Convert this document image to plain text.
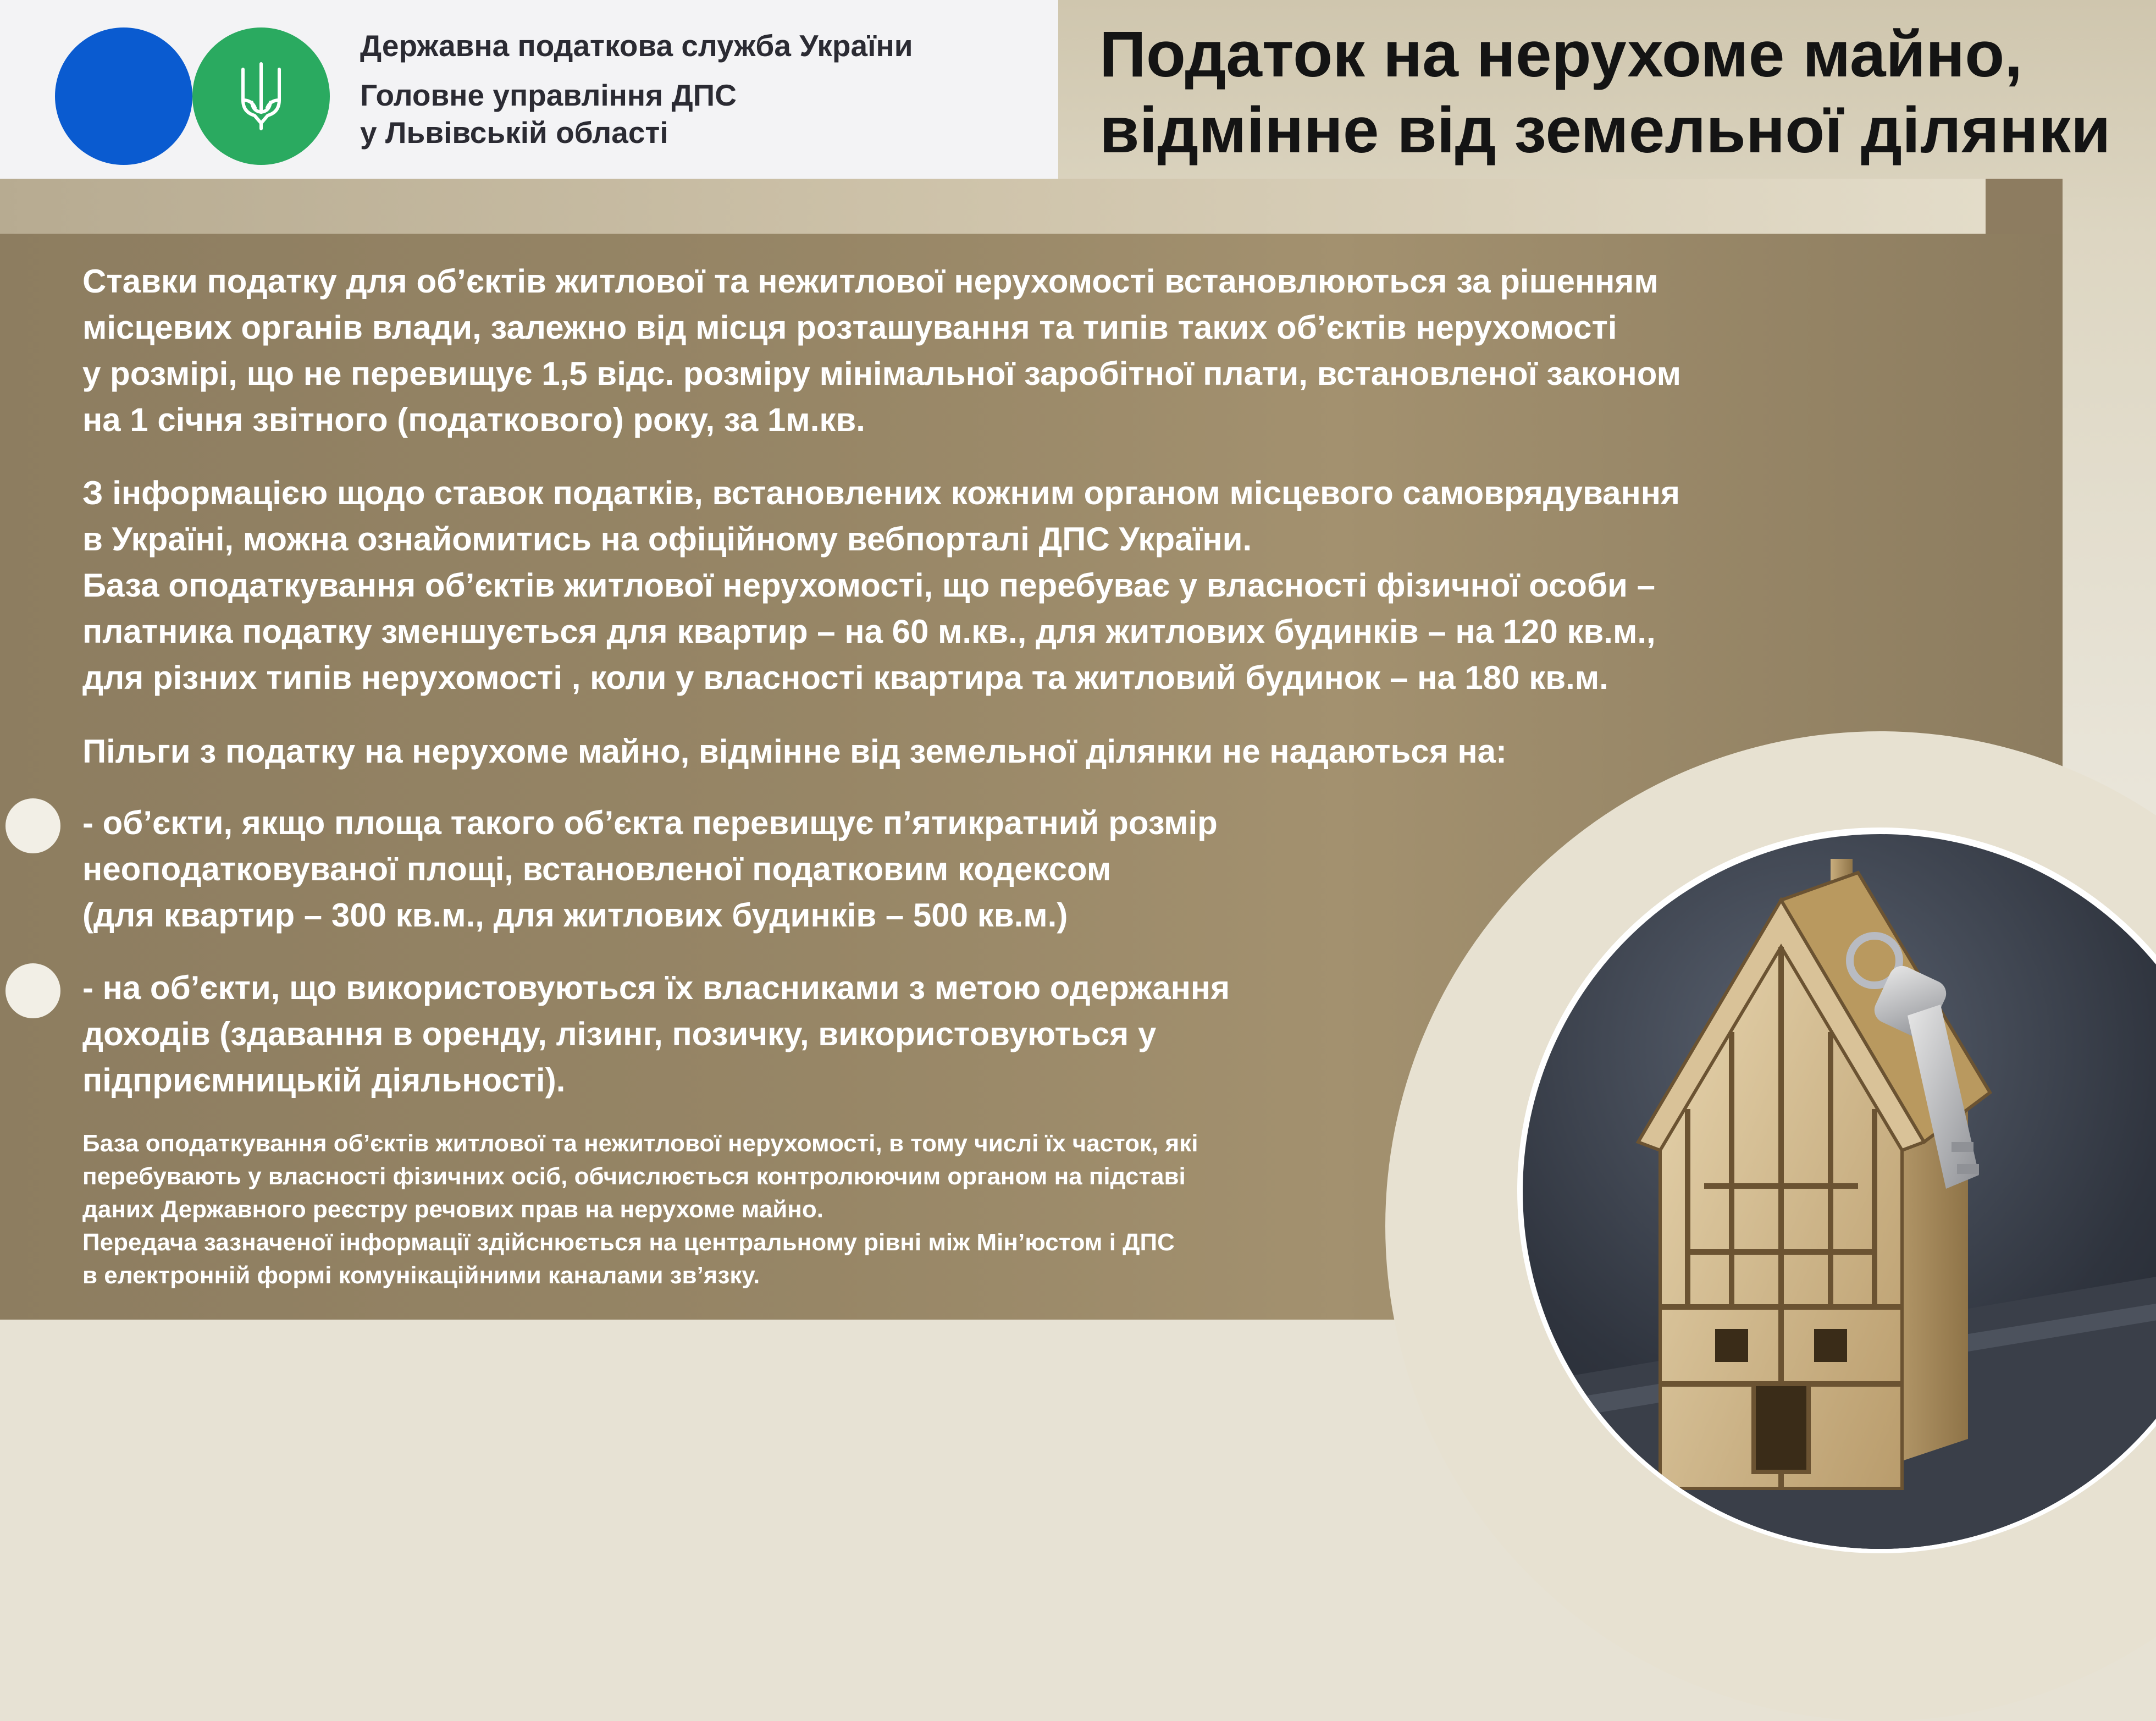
Державна податкова служба України
Головне управління ДПС
у Львівській області
Податок на нерухоме майно,
відмінне від земельної ділянки
Ставки податку для об’єктів житлової та нежитлової нерухомості встановлюються за рішенням
місцевих органів влади, залежно від місця розташування та типів таких об’єктів нерухомості
у розмірі, що не перевищує 1,5 відс. розміру мінімальної заробітної плати, встановленої законом
на 1 січня звітного (податкового) року, за 1м.кв.
З інформацією щодо ставок податків, встановлених кожним органом місцевого самоврядування
в Україні, можна ознайомитись на офіційному вебпорталі ДПС України.
База оподаткування об’єктів житлової нерухомості, що перебуває у власності фізичної особи –
платника податку зменшується для квартир – на 60 м.кв., для житлових будинків – на 120 кв.м.,
для різних типів нерухомості , коли у власності квартира та житловий будинок – на 180 кв.м.
Пільги з податку на нерухоме майно, відмінне від земельної ділянки не надаються на:
- об’єкти, якщо площа такого об’єкта перевищує п’ятикратний розмір
неоподатковуваної площі, встановленої податковим кодексом
(для квартир – 300 кв.м., для житлових будинків – 500 кв.м.)
- на об’єкти, що використовуються їх власниками з метою одержання
доходів (здавання в оренду, лізинг, позичку, використовуються у
підприємницькій діяльності).
База оподаткування об’єктів житлової та нежитлової нерухомості, в тому числі їх часток, які
перебувають у власності фізичних осіб, обчислюється контролюючим органом на підставі
даних Державного реєстру речових прав на нерухоме майно.
Передача зазначеної інформації здійснюється на центральному рівні між Мін’юстом і ДПС
в електронній формі комунікаційними каналами зв’язку.
